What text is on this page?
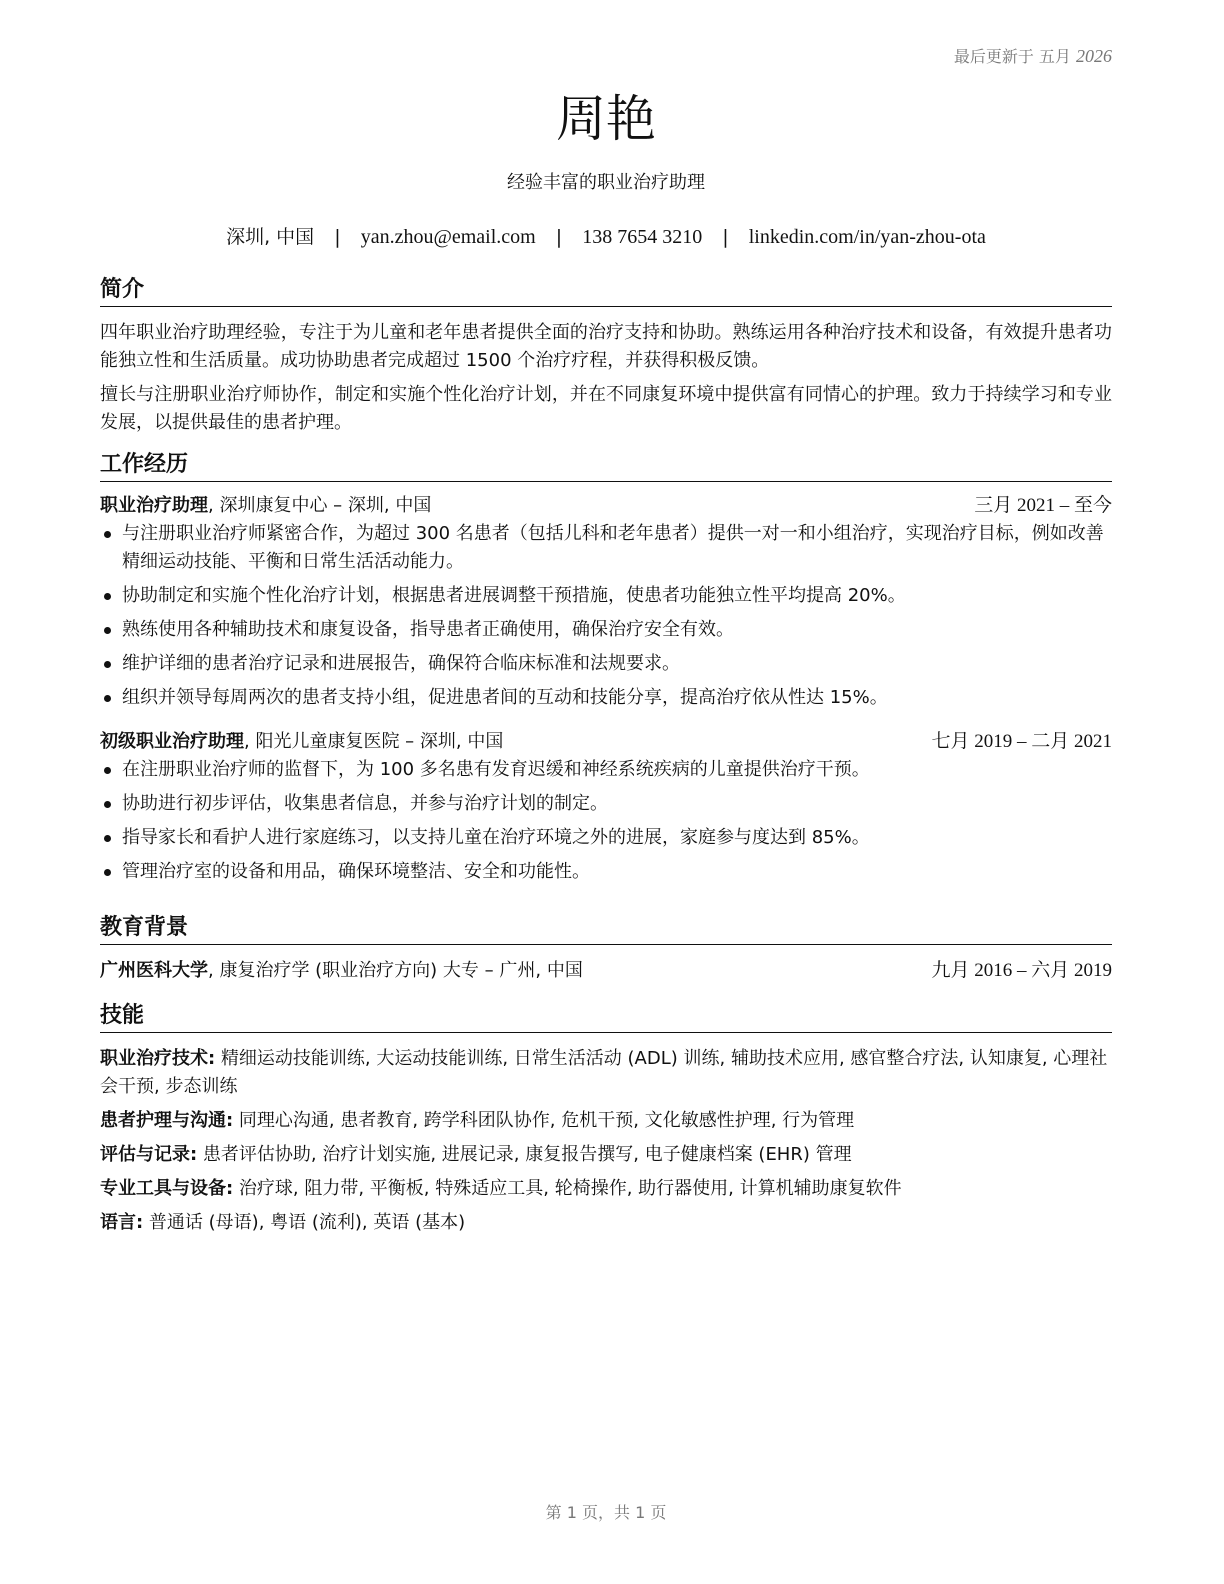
最后更新于 五月 2026
周艳
经验丰富的职业治疗助理
深圳, 中国 | yan.zhou@email.com | 138 7654 3210 | linkedin.com/in/yan-zhou-ota
简介

四年职业治疗助理经验，专注于为儿童和老年患者提供全面的治疗支持和协助。熟练运用各种治疗技术和设备，有效提升患者功能独立性和生活质量。成功协助患者完成超过 1500 个治疗疗程，并获得积极反馈。

擅长与注册职业治疗师协作，制定和实施个性化治疗计划，并在不同康复环境中提供富有同情心的护理。致力于持续学习和专业发展，以提供最佳的患者护理。

工作经历
职业治疗助理, 深圳康复中心 – 深圳, 中国	三月 2021 – 至今
与注册职业治疗师紧密合作，为超过 300 名患者（包括儿科和老年患者）提供一对一和小组治疗，实现治疗目标，例如改善精细运动技能、平衡和日常生活活动能力。
协助制定和实施个性化治疗计划，根据患者进展调整干预措施，使患者功能独立性平均提高 20%。
熟练使用各种辅助技术和康复设备，指导患者正确使用，确保治疗安全有效。
维护详细的患者治疗记录和进展报告，确保符合临床标准和法规要求。
组织并领导每周两次的患者支持小组，促进患者间的互动和技能分享，提高治疗依从性达 15%。
初级职业治疗助理, 阳光儿童康复医院 – 深圳, 中国	七月 2019 – 二月 2021
在注册职业治疗师的监督下，为 100 多名患有发育迟缓和神经系统疾病的儿童提供治疗干预。
协助进行初步评估，收集患者信息，并参与治疗计划的制定。
指导家长和看护人进行家庭练习，以支持儿童在治疗环境之外的进展，家庭参与度达到 85%。
管理治疗室的设备和用品，确保环境整洁、安全和功能性。
教育背景
广州医科大学, 康复治疗学 (职业治疗方向) 大专 – 广州, 中国	九月 2016 – 六月 2019
技能

职业治疗技术: 精细运动技能训练, 大运动技能训练, 日常生活活动 (ADL) 训练, 辅助技术应用, 感官整合疗法, 认知康复, 心理社会干预, 步态训练

患者护理与沟通: 同理心沟通, 患者教育, 跨学科团队协作, 危机干预, 文化敏感性护理, 行为管理

评估与记录: 患者评估协助, 治疗计划实施, 进展记录, 康复报告撰写, 电子健康档案 (EHR) 管理

专业工具与设备: 治疗球, 阻力带, 平衡板, 特殊适应工具, 轮椅操作, 助行器使用, 计算机辅助康复软件

语言: 普通话 (母语), 粤语 (流利), 英语 (基本)

第 1 页，共 1 页
